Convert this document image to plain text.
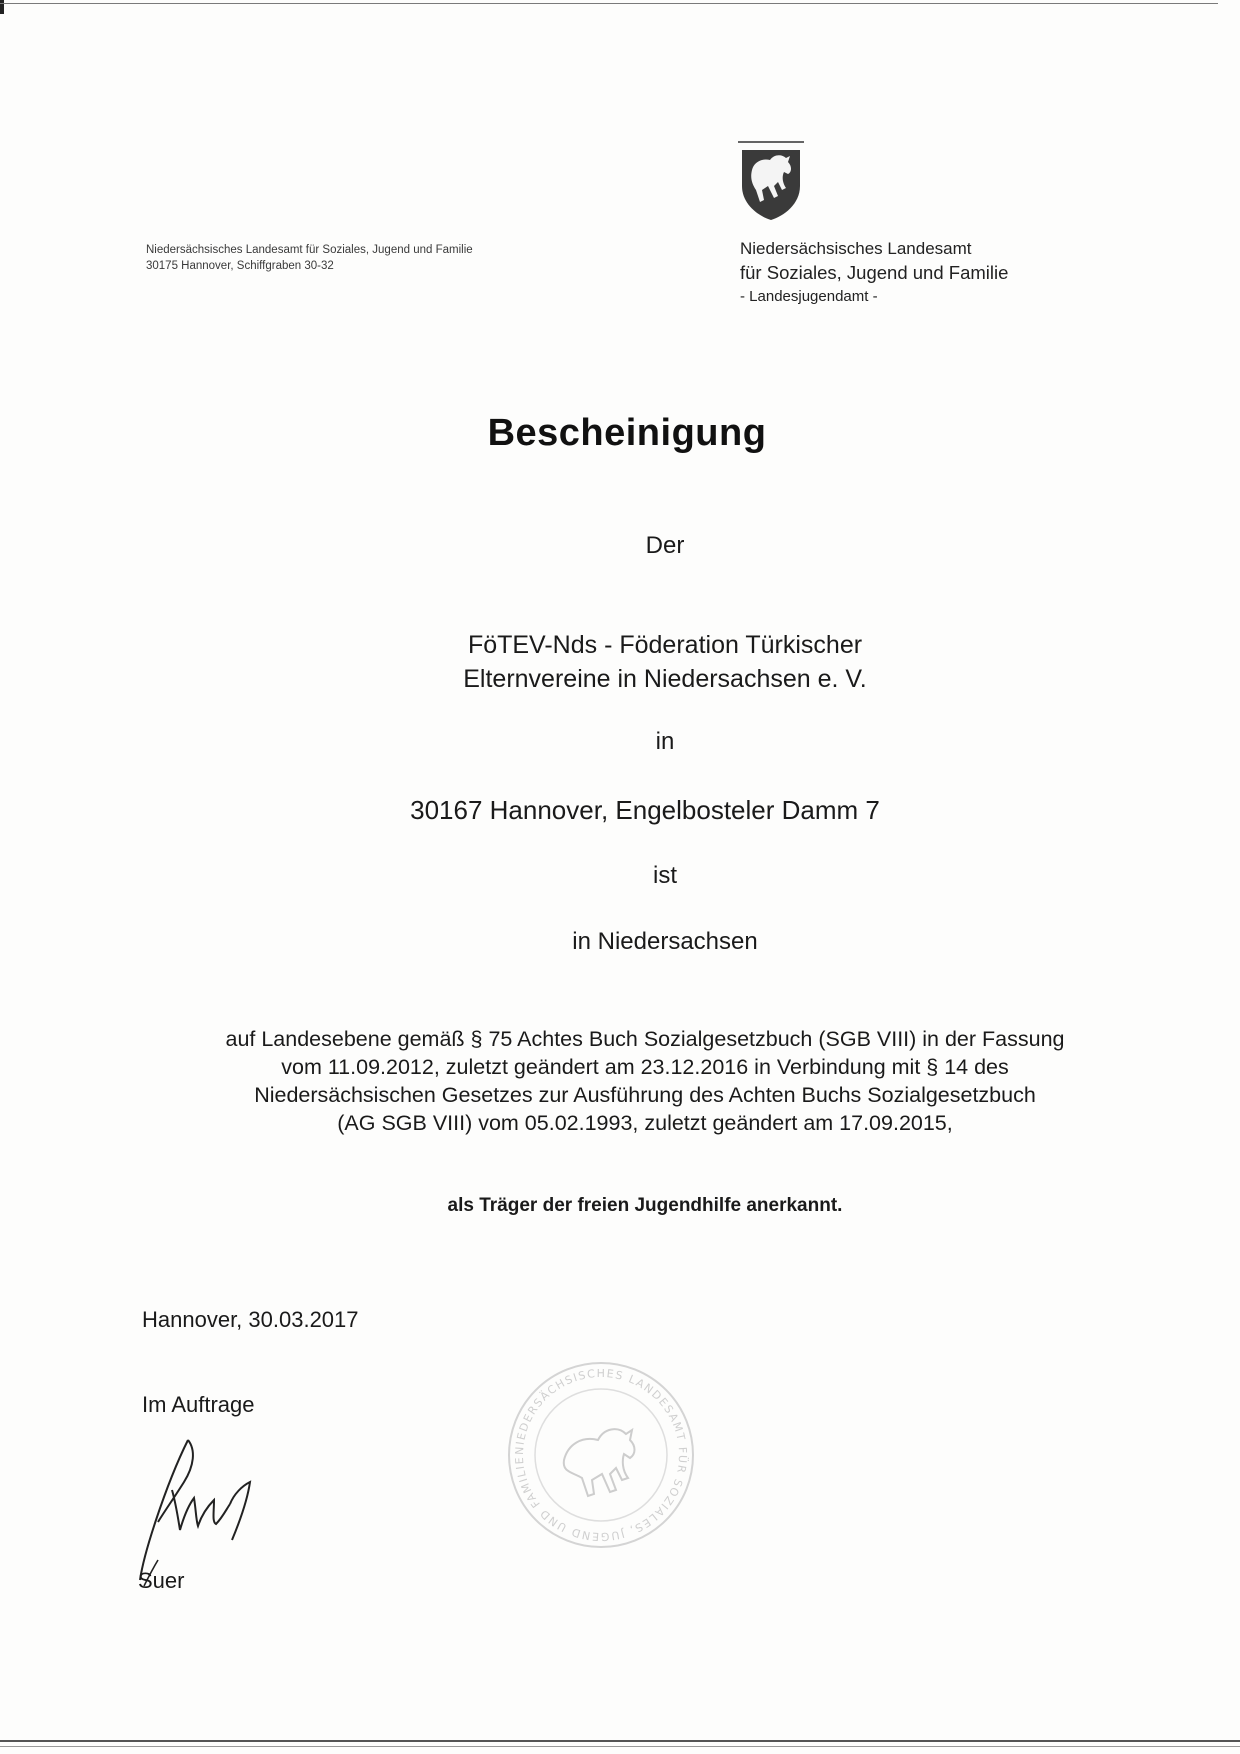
Niedersächsisches Landesamt für Soziales, Jugend und Familie
30175 Hannover, Schiffgraben 30-32
Niedersächsisches Landesamt
für Soziales, Jugend und Familie
- Landesjugendamt -
Bescheinigung
Der
FöTEV-Nds - Föderation Türkischer
Elternvereine in Niedersachsen e. V.
in
30167 Hannover, Engelbosteler Damm 7
ist
in Niedersachsen
auf Landesebene gemäß § 75 Achtes Buch Sozialgesetzbuch (SGB VIII) in der Fassung
vom 11.09.2012, zuletzt geändert am 23.12.2016 in Verbindung mit § 14 des
Niedersächsischen Gesetzes zur Ausführung des Achten Buchs Sozialgesetzbuch
(AG SGB VIII) vom 05.02.1993, zuletzt geändert am 17.09.2015,
als Träger der freien Jugendhilfe anerkannt.
Hannover, 30.03.2017
Im Auftrage
Suer
NIEDERSÄCHSISCHES LANDESAMT FÜR SOZIALES, JUGEND UND FAMILIE
